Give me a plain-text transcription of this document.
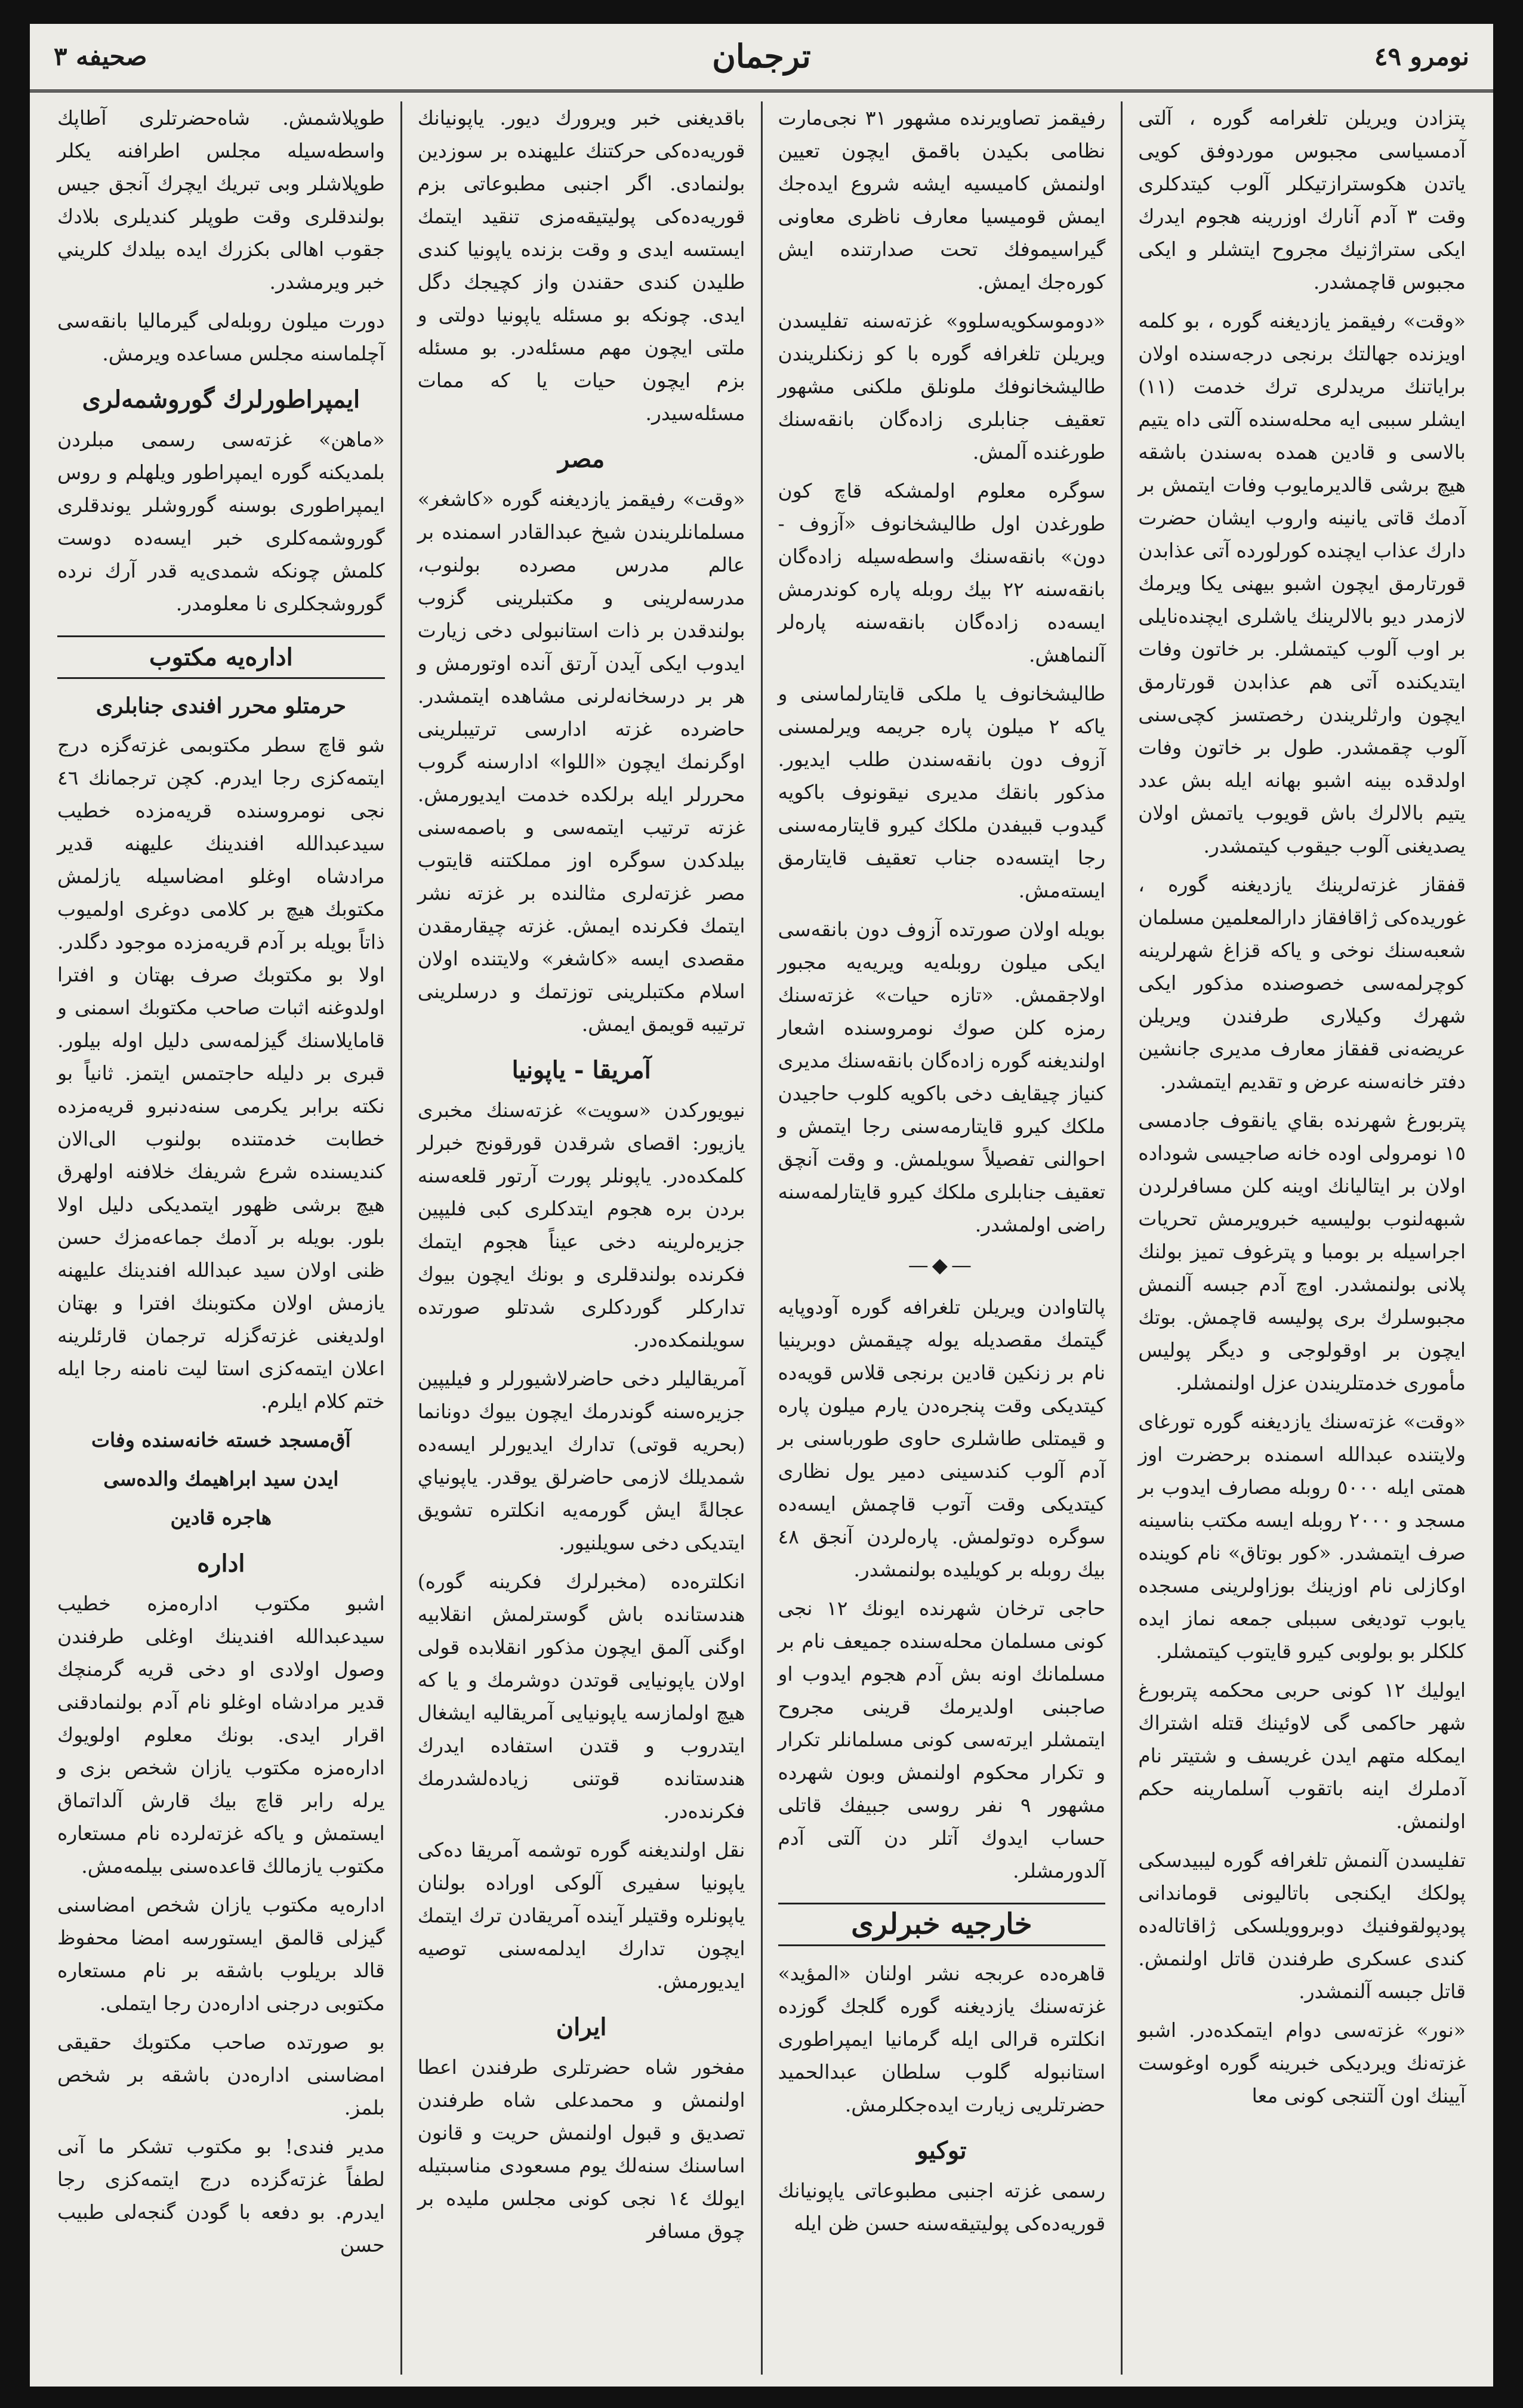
نومرو ٤٩
ترجمان
صحيفه ٣

پتزادن ويريلن تلغرامه گوره ، آلتى آدمسياسى مجبوس موردوفق كويى ياتدن هكوسترازتيكلر آلوب كيتدكلرى وقت ٣ آدم آنارك اوزرينه هجوم ايدرك ايكى ستراژنيك مجروح ايتشلر و ايكى مجبوس قاچمشدر.

«وقت» رفيقمز يازديغنه گوره ، بو كلمه اويزنده جهالتك برنجى درجه‌سنده اولان براياتنك مريدلرى ترك خدمت (١١) ايشلر سببى ايه محله‌سنده آلتى داه يتيم بالاسى و قادين همده به‌سندن باشقه هيچ برشى قالديرمايوب وفات ايتمش بر آدمك قاتى يانينه واروب ايشان حضرت دارك عذاب ايچنده كورلورده آتى عذابدن قورتارمق ايچون اشبو بيهنى يكا ويرمك لازمدر ديو بالالرينك ياشلرى ايچنده‌نايلى بر اوب آلوب كيتمشلر. بر خاتون وفات ايتديكنده آتى هم عذابدن قورتارمق ايچون وارثلريندن رخصتسز كچى‌سنى آلوب چقمشدر. طول بر خاتون وفات اولدقده بينه اشبو بهانه ايله بش عدد يتيم بالالرك باش قويوب ياتمش اولان يصديغنى آلوب جيقوب كيتمشدر.

قفقاز غزته‌لرينك يازديغنه گوره ، غوريده‌كى ژاقافقاز دارالمعلمين مسلمان شعبه‌سنك نوخى و ياكه قزاغ شهرلرينه كوچرلمه‌سى خصوصنده مذكور ايكى شهرك وكيلارى طرفندن ويريلن عريضه‌نى قفقاز معارف مديرى جانشين دفتر خانه‌سنه عرض و تقديم ايتمشدر.

پتربورغ شهرنده بقاي يانقوف جادمسى ١٥ نومرولى اوده خانه صاجيسى شوداده اولان بر ايتاليانك اوينه كلن مسافرلردن شبهه‌لنوب بوليسيه خبرويرمش تحريات اجراسيله بر بومبا و پترغوف تميز بولنك پلانى بولنمشدر. اوچ آدم جبسه آلنمش مجبوسلرك برى پوليسه قاچمش. بوتك ايچون بر اوقولوجى و ديگر پوليس مأمورى خدمتلريندن عزل اولنمشلر.

«وقت» غزته‌سنك يازديغنه گوره تورغاى ولايتنده عبدالله اسمنده برحضرت اوز همتى ايله ٥٠٠٠ روبله مصارف ايدوب بر مسجد و ٢٠٠٠ روبله ايسه مكتب بناسينه صرف ايتمشدر. «كور بوتاق» نام كوينده اوكازلى نام اوزينك بوزاولرينى مسجده يابوب توديغى سببلى جمعه نماز ايده كلكلر بو بولوبى كيرو قايتوب كيتمشلر.

ايوليك ١٢ كونى حربى محكمه پتربورغ شهر حاكمى گى لاوئينك قتله اشتراك ايمكله متهم ايدن غريسف و شتيتر نام آدملرك اينه باتقوب آسلمارينه حكم اولنمش.

تفليسدن آلنمش تلغرافه گوره ليبيدسكى پولكك ايكنجى باتاليونى قوماندانى پودپولقوفنيك دوبروويلسكى ژاقاتاله‌ده كندى عسكرى طرفندن قاتل اولنمش. قاتل جبسه آلنمشدر.

«نور» غزته‌سى دوام ايتمكده‌در. اشبو غزته‌نك ويرديكى خبرينه گوره اوغوست آيينك اون آلتنجى كونى معا

رفيقمز تصاويرنده مشهور ٣١ نجى‌مارت نظامى بكيدن باقمق ايچون تعيين اولنمش كاميسيه ايشه شروع ايده‌جك ايمش قوميسيا معارف ناظرى معاونى گيراسيموفك تحت صدارتنده ايش كوره‌جك ايمش.

«دوموسكويه‌سلوو» غزته‌سنه تفليسدن ويريلن تلغرافه گوره با كو زنكنلريندن طاليشخانوفك ملونلق ملكنى مشهور تعقيف جنابلرى زاده‌گان بانقه‌سنك طورغنده آلمش.

سوگره معلوم اولمشكه قاچ كون طورغدن اول طاليشخانوف «آزوف - دون» بانقه‌سنك واسطه‌سيله زاده‌گان بانقه‌سنه ٢٢ بيك روبله پاره كوندرمش ايسه‌ده زاده‌گان بانقه‌سنه پاره‌لر آلنماهش.

طاليشخانوف يا ملكى قايتارلماسنى و ياكه ٢ ميلون پاره جريمه ويرلمسنى آزوف دون بانقه‌سندن طلب ايديور. مذكور بانقك مديرى نيقونوف باكويه گيدوب قبيفدن ملكك كيرو قايتارمه‌سنى رجا ايتسه‌ده جناب تعقيف قايتارمق ايسته‌مش.

بويله اولان صورتده آزوف دون بانقه‌سى ايكى ميلون روبله‌يه ويريه‌يه مجبور اولاجقمش. «تازه حيات» غزته‌سنك رمزه كلن صوك نومروسنده اشعار اولنديغنه گوره زاده‌گان بانقه‌سنك مديرى كنياز چيقايف دخى باكويه كلوب حاجيدن ملكك كيرو قايتارمه‌سنى رجا ايتمش و احوالنى تفصيلاً سويلمش. و وقت آنچق تعقيف جنابلرى ملكك كيرو قايتارلمه‌سنه راضى اولمشدر.

—◆—

پالتاوادن ويريلن تلغرافه گوره آودوپايه گيتمك مقصديله يوله چيقمش دوبرينيا نام بر زنكين قادين برنجى قلاس قويه‌ده كيتديكى وقت پنجره‌دن يارم ميلون پاره و قيمتلى طاشلرى حاوى طوربا‌سنى بر آدم آلوب كندسينى دمير يول نظارى كيتديكى وقت آتوب قاچمش ايسه‌ده سوگره دوتولمش. پاره‌لردن آنجق ٤٨ بيك روبله بر كويليده بولنمشدر.

حاجى ترخان شهرنده ايونك ١٢ نجى كونى مسلمان محله‌سنده جميعف نام بر مسلمانك اونه بش آدم هجوم ايدوب او صاجبنى اولديرمك قرينى مجروح ايتمشلر ايرته‌سى كونى مسلمانلر تكرار و تكرار محكوم اولنمش وبون شهرده مشهور ٩ نفر روسى جبيفك قاتلى حساب ايدوك آتلر دن آلتى آدم آلدورمشلر.

خارجيه خبرلرى

قاهره‌ده عربجه نشر اولنان «المؤيد» غزته‌سنك يازديغنه گوره گلجك گوزده انكلتره قرالى ايله گرمانيا ايمپراطورى استانبوله گلوب سلطان عبدالحميد حضرتلريى زيارت ايده‌جكلرمش.

توكيو

رسمى غزته اجنبى مطبوعاتى ياپونيانك قوريه‌ده‌كى پوليتيقه‌سنه حسن ظن ايله

باقديغنى خبر ويرورك ديور. ياپونيانك قوريه‌ده‌كى حركتنك عليهنده بر سوزدين بولنمادى. اگر اجنبى مطبوعاتى بزم قوريه‌ده‌كى پوليتيقه‌مزى تنقيد ايتمك ايستسه ايدى و وقت بزنده ياپونيا كندى طليدن كندى حقندن واز كچيجك دگل ايدى. چونكه بو مسئله ياپونيا دولتى و ملتى ايچون مهم مسئله‌در. بو مسئله بزم ايچون حيات يا كه ممات مسئله‌سيدر.

مصر

«وقت» رفيقمز يازديغنه گوره «كاشغر» مسلمانلريندن شيخ عبدالقادر اسمنده بر عالم مدرس مصرده بولنوب، مدرسه‌لرينى و مكتبلرينى گزوب بولندقدن بر ذات استانبولى دخى زيارت ايدوب ايكى آيدن آرتق آنده اوتورمش و هر بر درسخانه‌لرنى مشاهده ايتمشدر. حاضرده غزته ادارسى ترتيبلرينى اوگرنمك ايچون «اللوا» ادارسنه گروب محررلر ايله برلكده خدمت ايديورمش. غزته ترتيب ايتمه‌سى و باصمه‌سنى بيلدكدن سوگره اوز مملكتنه قايتوب مصر غزته‌لرى مثالنده بر غزته نشر ايتمك فكرنده ايمش. غزته چيقارمقدن مقصدى ايسه «كاشغر» ولايتنده اولان اسلام مكتبلرينى توزتمك و درسلرينى ترتيبه قويمق ايمش.

آمريقا - ياپونيا

نيويوركدن «سويت» غزته‌سنك مخبرى يازيور: اقصاى شرقدن قورقونج خبرلر كلمكده‌در. ياپونلر پورت آرتور قلعه‌سنه بردن بره هجوم ايتدكلرى كبى فليپين جزيره‌لرينه دخى عيناً هجوم ايتمك فكرنده بولندقلرى و بونك ايچون بيوك تداركلر گوردكلرى شدتلو صورتده سويلنمكده‌در.

آمريقاليلر دخى حاضرلاشيورلر و فيليپين جزيره‌سنه گوندرمك ايچون بيوك دونانما (بحريه قوتى) تدارك ايديورلر ايسه‌ده شمديلك لازمى حاضرلق يوقدر. ياپونياي عجالةً ايش گورمه‌يه انكلتره تشويق ايتديكى دخى سويلنيور.

انكلتره‌ده (مخبرلرك فكرينه گوره) هندستانده باش گوسترلمش انقلابيه اوگنى آلمق ايچون مذكور انقلابده قولى اولان ياپونيايى قوتدن دوشرمك و يا كه هيچ اولمازسه ياپونيايى آمريقاليه ايشغال ايتدروب و قتدن استفاده ايدرك هندستانده قوتنى زياده‌لشدرمك فكرنده‌در.

نقل اولنديغنه گوره توشمه آمريقا ده‌كى ياپونيا سفيرى آلوكى اوراده بولنان ياپونلره وقتيلر آينده آمريقادن ترك ايتمك ايچون تدارك ايدلمه‌سنى توصيه ايديورمش.

ايران

مفخور شاه حضرتلرى طرفندن اعطا اولنمش و محمدعلى شاه طرفندن تصديق و قبول اولنمش حريت و قانون اساسنك سنه‌لك يوم مسعودى مناسبتيله ايولك ١٤ نجى كونى مجلس مليده بر چوق مسافر

طوپلاشمش. شاه‌حضرتلرى آطاپك واسطه‌سيله مجلس اطرافنه يكلر طوپلاشلر وبى تبريك ايچرك آنجق جيس بولندقلرى وقت طوپلر كنديلرى بلادك جقوب اهالى بكزرك ايده بيلدك كلريني خبر ويرمشدر.

دورت ميلون روبله‌لى گيرماليا بانقه‌سى آچلماسنه مجلس مساعده ويرمش.

ايمپراطورلرك گوروشمه‌لرى

«ماهن» غزته‌سى رسمى مبلردن بلمديكنه گوره ايمپراطور ويلهلم و روس ايمپراطورى بوسنه گوروشلر يوندقلرى گوروشمه‌كلرى خبر ايسه‌ده دوست كلمش چونكه شمدى‌يه قدر آرك نرده گوروشجكلرى نا معلومدر.

اداره‌يه مكتوب
حرمتلو محرر افندى جنابلرى

شو قاچ سطر مكتوبمى غزته‌گزه درج ايتمه‌كزى رجا ايدرم. كچن ترجمانك ٤٦ نجى نومروسنده قريه‌مزده خطيب سيدعبدالله افندينك عليهنه قدير مرادشاه اوغلو امضاسيله يازلمش مكتوبك هيچ بر كلامى دوغرى اولميوب ذاتاً بويله بر آدم قريه‌مزده موجود دگلدر. اولا بو مكتوبك صرف بهتان و افترا اولدوغنه اثبات صاحب مكتوبك اسمنى و قامايلاسنك گيزلمه‌سى دليل اوله بيلور. قبرى بر دليله حاجتمس ايتمز. ثانياً بو نكته برابر يكرمى سنه‌دنبرو قريه‌مزده خطابت خدمتنده بولنوب الى‌الان كنديسنده شرع شريفك خلافنه اولهرق هيچ برشى ظهور ايتمديكى دليل اولا بلور. بويله بر آدمك جماعه‌مزك حسن ظنى اولان سيد عبدالله افندينك عليهنه يازمش اولان مكتوبنك افترا و بهتان اولديغنى غزته‌گزله ترجمان قارئلرينه اعلان ايتمه‌كزى استا ليت نامنه رجا ايله ختم كلام ايلرم.

آق‌مسجد خسته خانه‌سنده وفات
ايدن سيد ابراهيمك والده‌سى
هاجره قادين
اداره

اشبو مكتوب اداره‌مزه خطيب سيدعبدالله افندينك اوغلى طرفندن وصول اولادى او دخى قريه گرمنچك قدير مرادشاه اوغلو نام آدم بولنمادقنى اقرار ايدى. بونك معلوم اولويوك اداره‌مزه مكتوب يازان شخص بزى و يرله رابر قاچ بيك قارش آلداتماق ايستمش و ياكه غزته‌لرده نام مستعاره مكتوب يازمالك قاعده‌سنى بيلمه‌مش.

اداره‌يه مكتوب يازان شخص امضاسنى گيزلى قالمق ايستورسه امضا محفوظ قالد بريلوب باشقه بر نام مستعاره مكتوبى درجنى اداره‌دن رجا ايتملى.

بو صورتده صاحب مكتوبك حقيقى امضاسنى اداره‌دن باشقه بر شخص بلمز.

مدير فندى! بو مكتوب تشكر ما آنى لطفاً غزته‌گزده درج ايتمه‌كزى رجا ايدرم. بو دفعه با گودن گنجه‌لى طبيب حسن
